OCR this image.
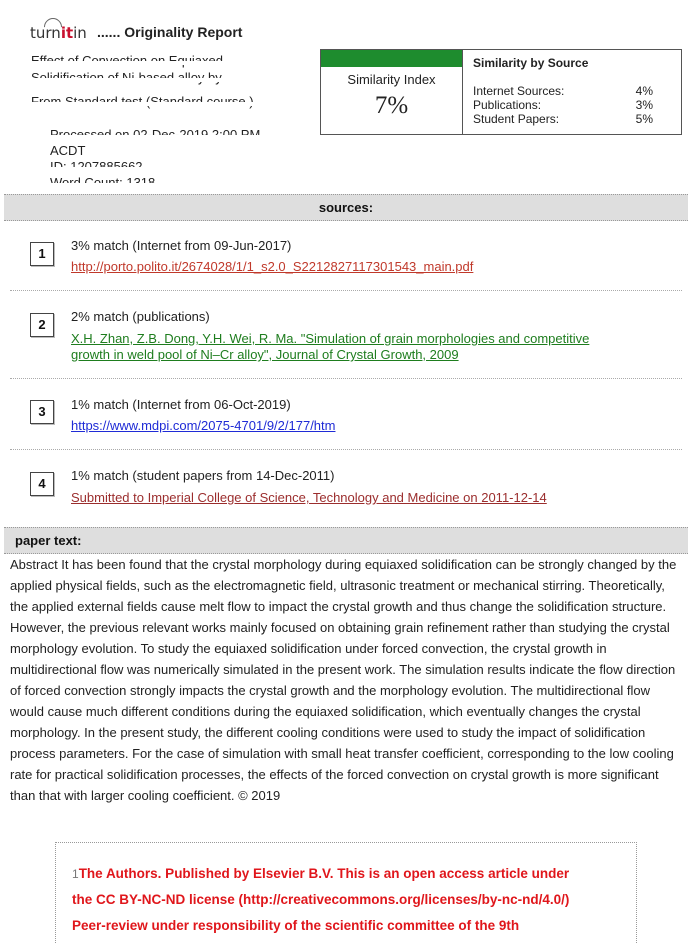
turnitin ...... Originality Report
ACDT
Similarity Index
7%
Similarity by Source
Internet Sources:	4%
Publications:	3%
Student Papers:	5%
sources:
1
3% match (Internet from 09-Jun-2017)
http://porto.polito.it/2674028/1/1_s2.0_S2212827117301543_main.pdf
2
2% match (publications)
X.H. Zhan, Z.B. Dong, Y.H. Wei, R. Ma. "Simulation of grain morphologies and competitive
growth in weld pool of Ni–Cr alloy", Journal of Crystal Growth, 2009
3	1% match (Internet from 06-Oct-2019)
https://www.mdpi.com/2075-4701/9/2/177/htm
4
1% match (student papers from 14-Dec-2011)
Submitted to Imperial College of Science, Technology and Medicine on 2011-12-14
paper text:
Abstract It has been found that the crystal morphology during equiaxed solidification can be strongly changed by the applied physical fields, such as the electromagnetic field, ultrasonic treatment or mechanical stirring. Theoretically, the applied external fields cause melt flow to impact the crystal growth and thus change the solidification structure. However, the previous relevant works mainly focused on obtaining grain refinement rather than studying the crystal morphology evolution. To study the equiaxed solidification under forced convection, the crystal growth in multidirectional flow was numerically simulated in the present work. The simulation results indicate the flow direction of forced convection strongly impacts the crystal growth and the morphology evolution. The multidirectional flow would cause much different conditions during the equiaxed solidification, which eventually changes the crystal morphology. In the present study, the different cooling conditions were used to study the impact of solidification process parameters. For the case of simulation with small heat transfer coefficient, corresponding to the low cooling rate for practical solidification processes, the effects of the forced convection on crystal growth is more significant than that with larger cooling coefficient. © 2019
1The Authors. Published by Elsevier B.V. This is an open access article under
the CC BY-NC-ND license (http://creativecommons.org/licenses/by-nc-nd/4.0/)
Peer-review under responsibility of the scientific committee of the 9th
